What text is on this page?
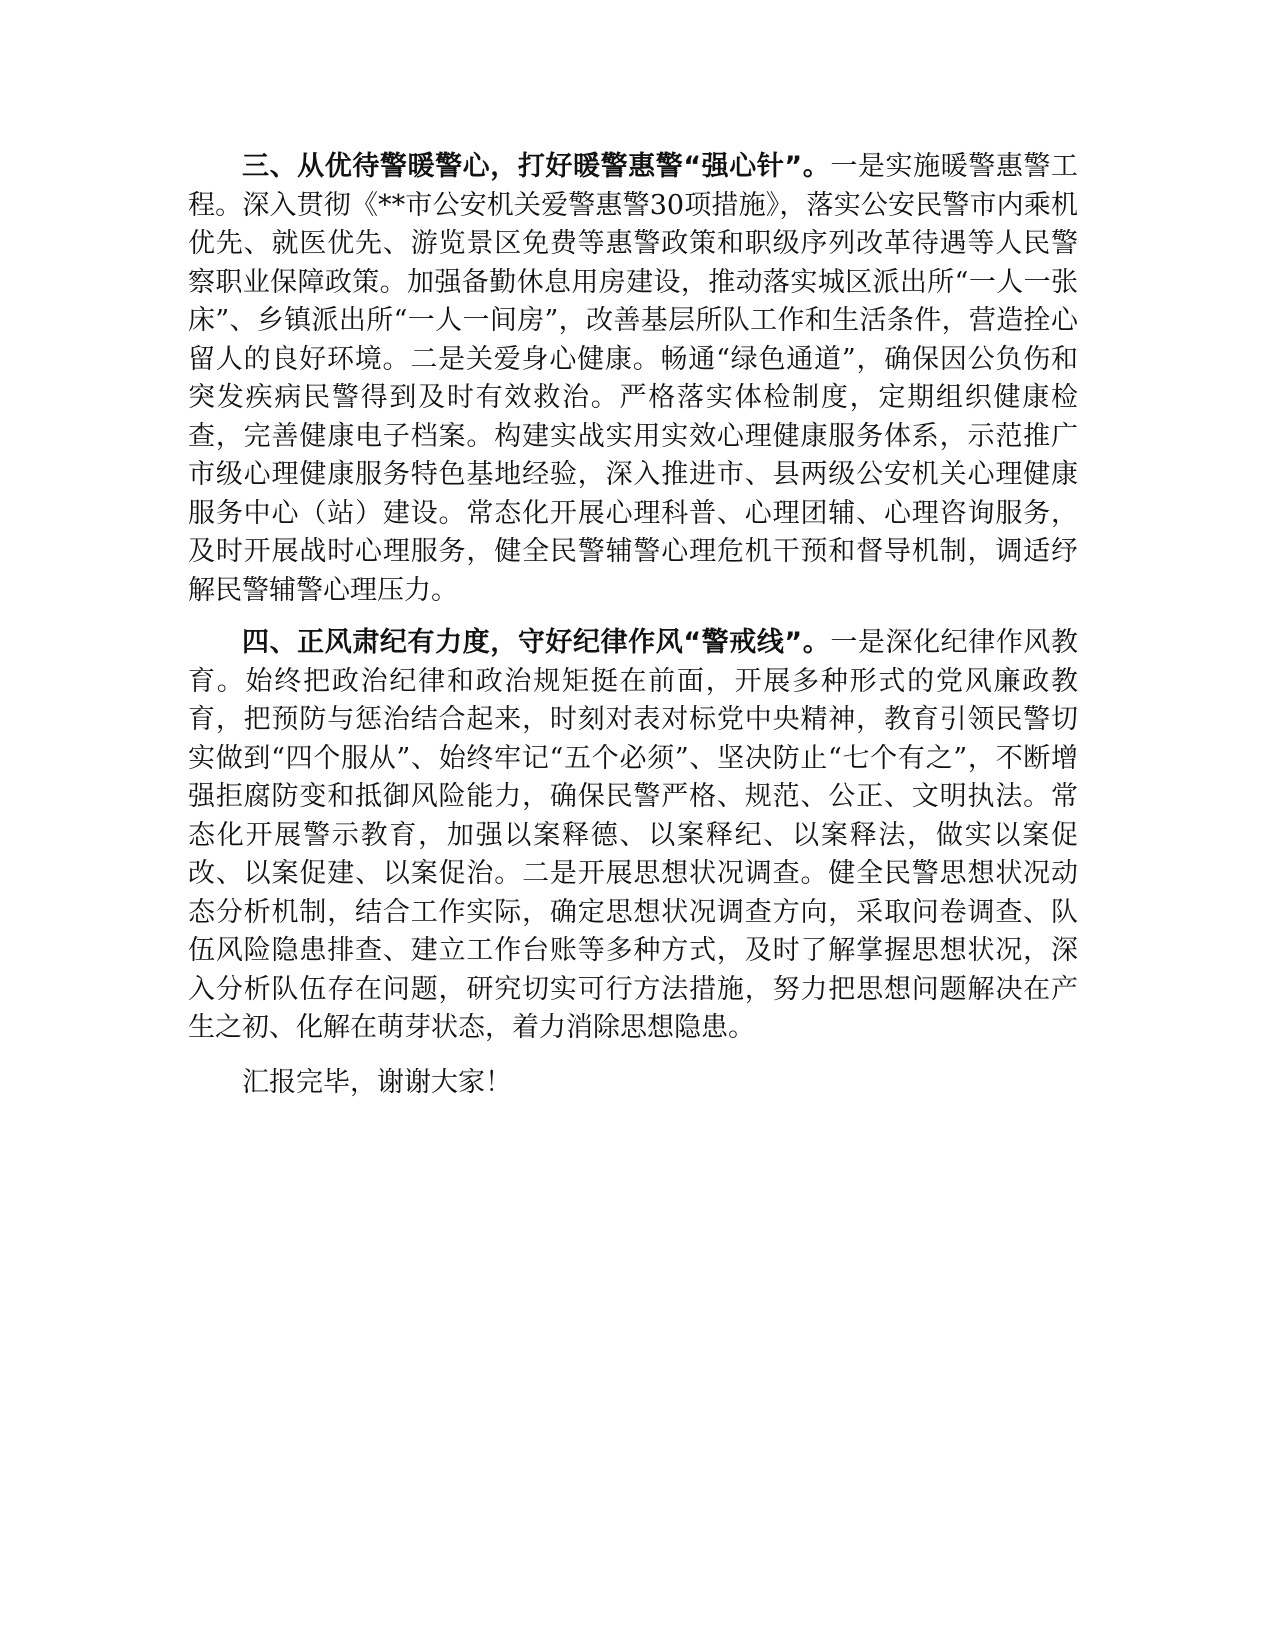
三、从优待警暖警心，打好暖警惠警“强心针”。一是实施暖警惠警工程。深入贯彻《**市公安机关爱警惠警30项措施》，落实公安民警市内乘机优先、就医优先、游览景区免费等惠警政策和职级序列改革待遇等人民警察职业保障政策。加强备勤休息用房建设，推动落实城区派出所“一人一张床”、乡镇派出所“一人一间房”，改善基层所队工作和生活条件，营造拴心留人的良好环境。二是关爱身心健康。畅通“绿色通道”，确保因公负伤和突发疾病民警得到及时有效救治。严格落实体检制度，定期组织健康检查，完善健康电子档案。构建实战实用实效心理健康服务体系，示范推广市级心理健康服务特色基地经验，深入推进市、县两级公安机关心理健康服务中心（站）建设。常态化开展心理科普、心理团辅、心理咨询服务，及时开展战时心理服务，健全民警辅警心理危机干预和督导机制，调适纾解民警辅警心理压力。

四、正风肃纪有力度，守好纪律作风“警戒线”。一是深化纪律作风教育。始终把政治纪律和政治规矩挺在前面，开展多种形式的党风廉政教育，把预防与惩治结合起来，时刻对表对标党中央精神，教育引领民警切实做到“四个服从”、始终牢记“五个必须”、坚决防止“七个有之”，不断增强拒腐防变和抵御风险能力，确保民警严格、规范、公正、文明执法。常态化开展警示教育，加强以案释德、以案释纪、以案释法，做实以案促改、以案促建、以案促治。二是开展思想状况调查。健全民警思想状况动态分析机制，结合工作实际，确定思想状况调查方向，采取问卷调查、队伍风险隐患排查、建立工作台账等多种方式，及时了解掌握思想状况，深入分析队伍存在问题，研究切实可行方法措施，努力把思想问题解决在产生之初、化解在萌芽状态，着力消除思想隐患。

汇报完毕，谢谢大家！
